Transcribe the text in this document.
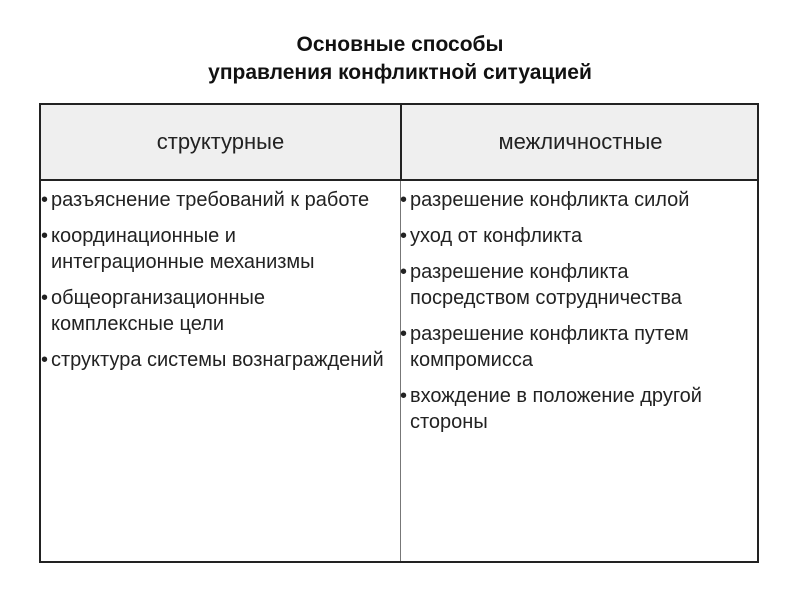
Основные способы
управления конфликтной ситуацией
структурные	межличностные
• разъяснение требований к работе
• координационные и интеграционные механизмы
• общеорганизационные комплексные цели
• структура системы вознаграждений
• разрешение конфликта силой
• уход от конфликта
• разрешение конфликта посредством сотрудничества
• разрешение конфликта путем компромисса
• вхождение в положение другой стороны
